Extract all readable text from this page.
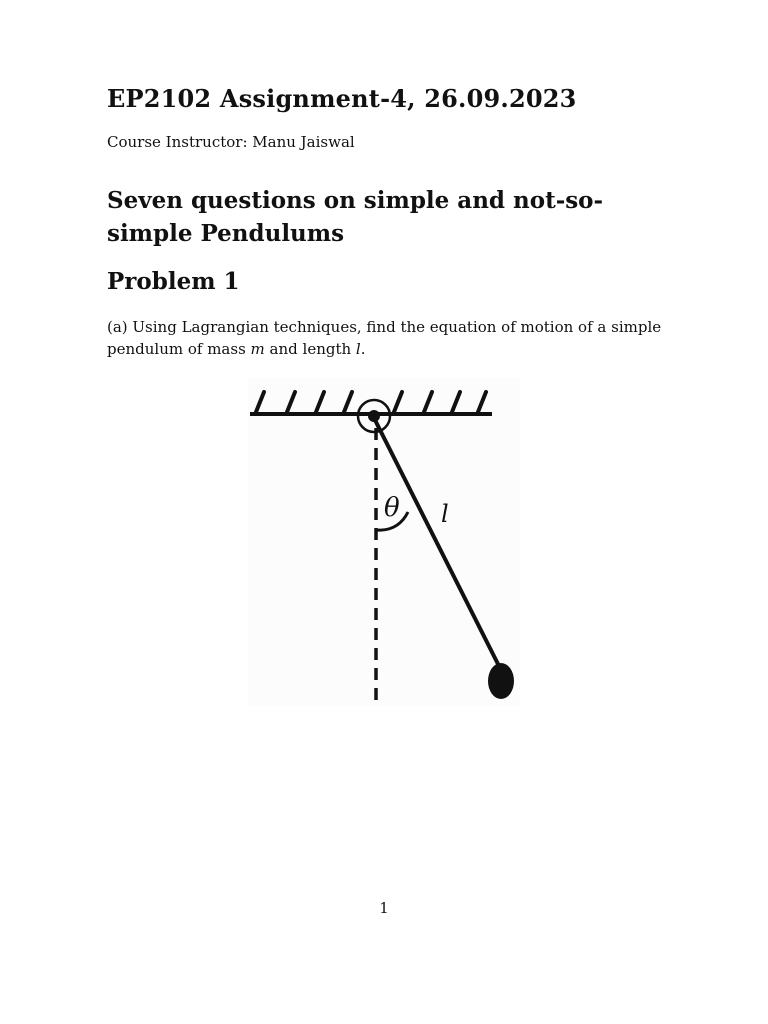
EP2102 Assignment-4, 26.09.2023
Course Instructor: Manu Jaiswal
Seven questions on simple and not-so-simple Pendulums
Problem 1
(a) Using Lagrangian techniques, find the equation of motion of a simple pendulum of mass m and length l.
θ l
1
